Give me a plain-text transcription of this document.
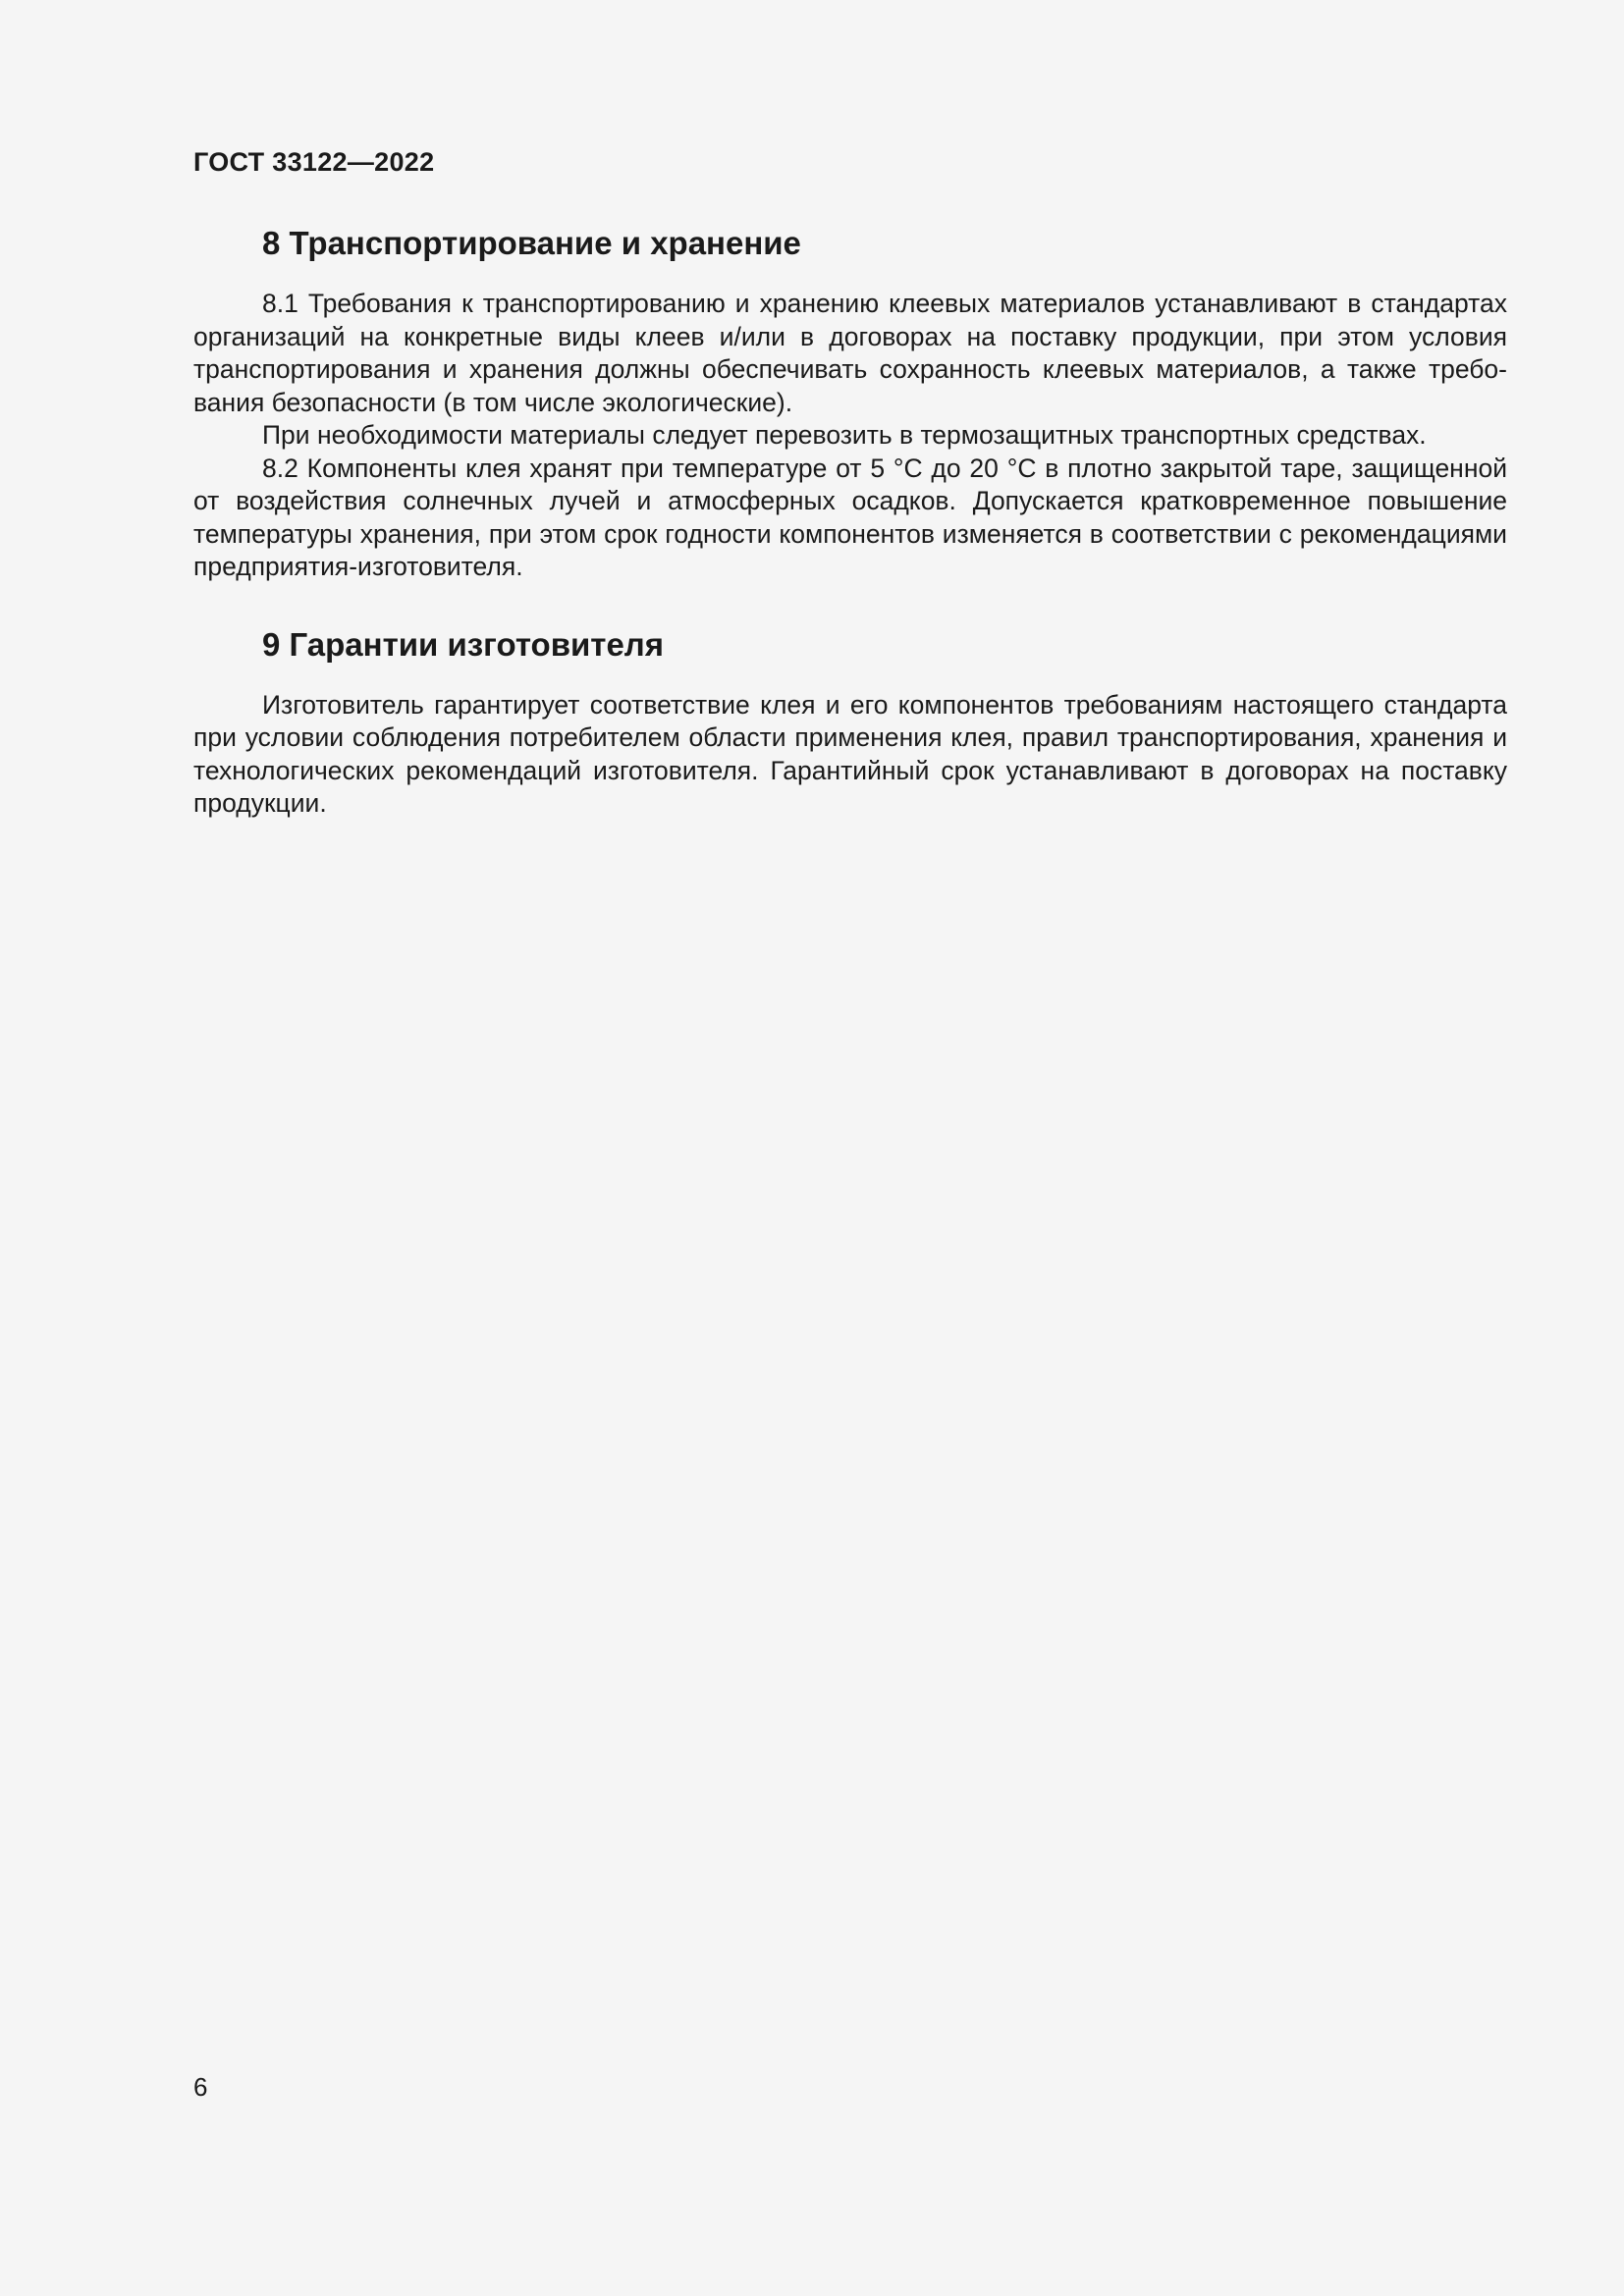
ГОСТ 33122—2022

8 Транспортирование и хранение

8.1 Требования к транспортированию и хранению клеевых материалов устанавливают в стандартах организаций на конкретные виды клеев и/или в договорах на поставку продукции, при этом условия транспортирования и хранения должны обеспечивать сохранность клеевых материалов, а также требования безопасности (в том числе экологические).

При необходимости материалы следует перевозить в термозащитных транспортных средствах.

8.2 Компоненты клея хранят при температуре от 5 °С до 20 °С в плотно закрытой таре, защищенной от воздействия солнечных лучей и атмосферных осадков. Допускается кратковременное повышение температуры хранения, при этом срок годности компонентов изменяется в соответствии с рекомендациями предприятия-изготовителя.

9 Гарантии изготовителя

Изготовитель гарантирует соответствие клея и его компонентов требованиям настоящего стандарта при условии соблюдения потребителем области применения клея, правил транспортирования, хранения и технологических рекомендаций изготовителя. Гарантийный срок устанавливают в договорах на поставку продукции.

6
